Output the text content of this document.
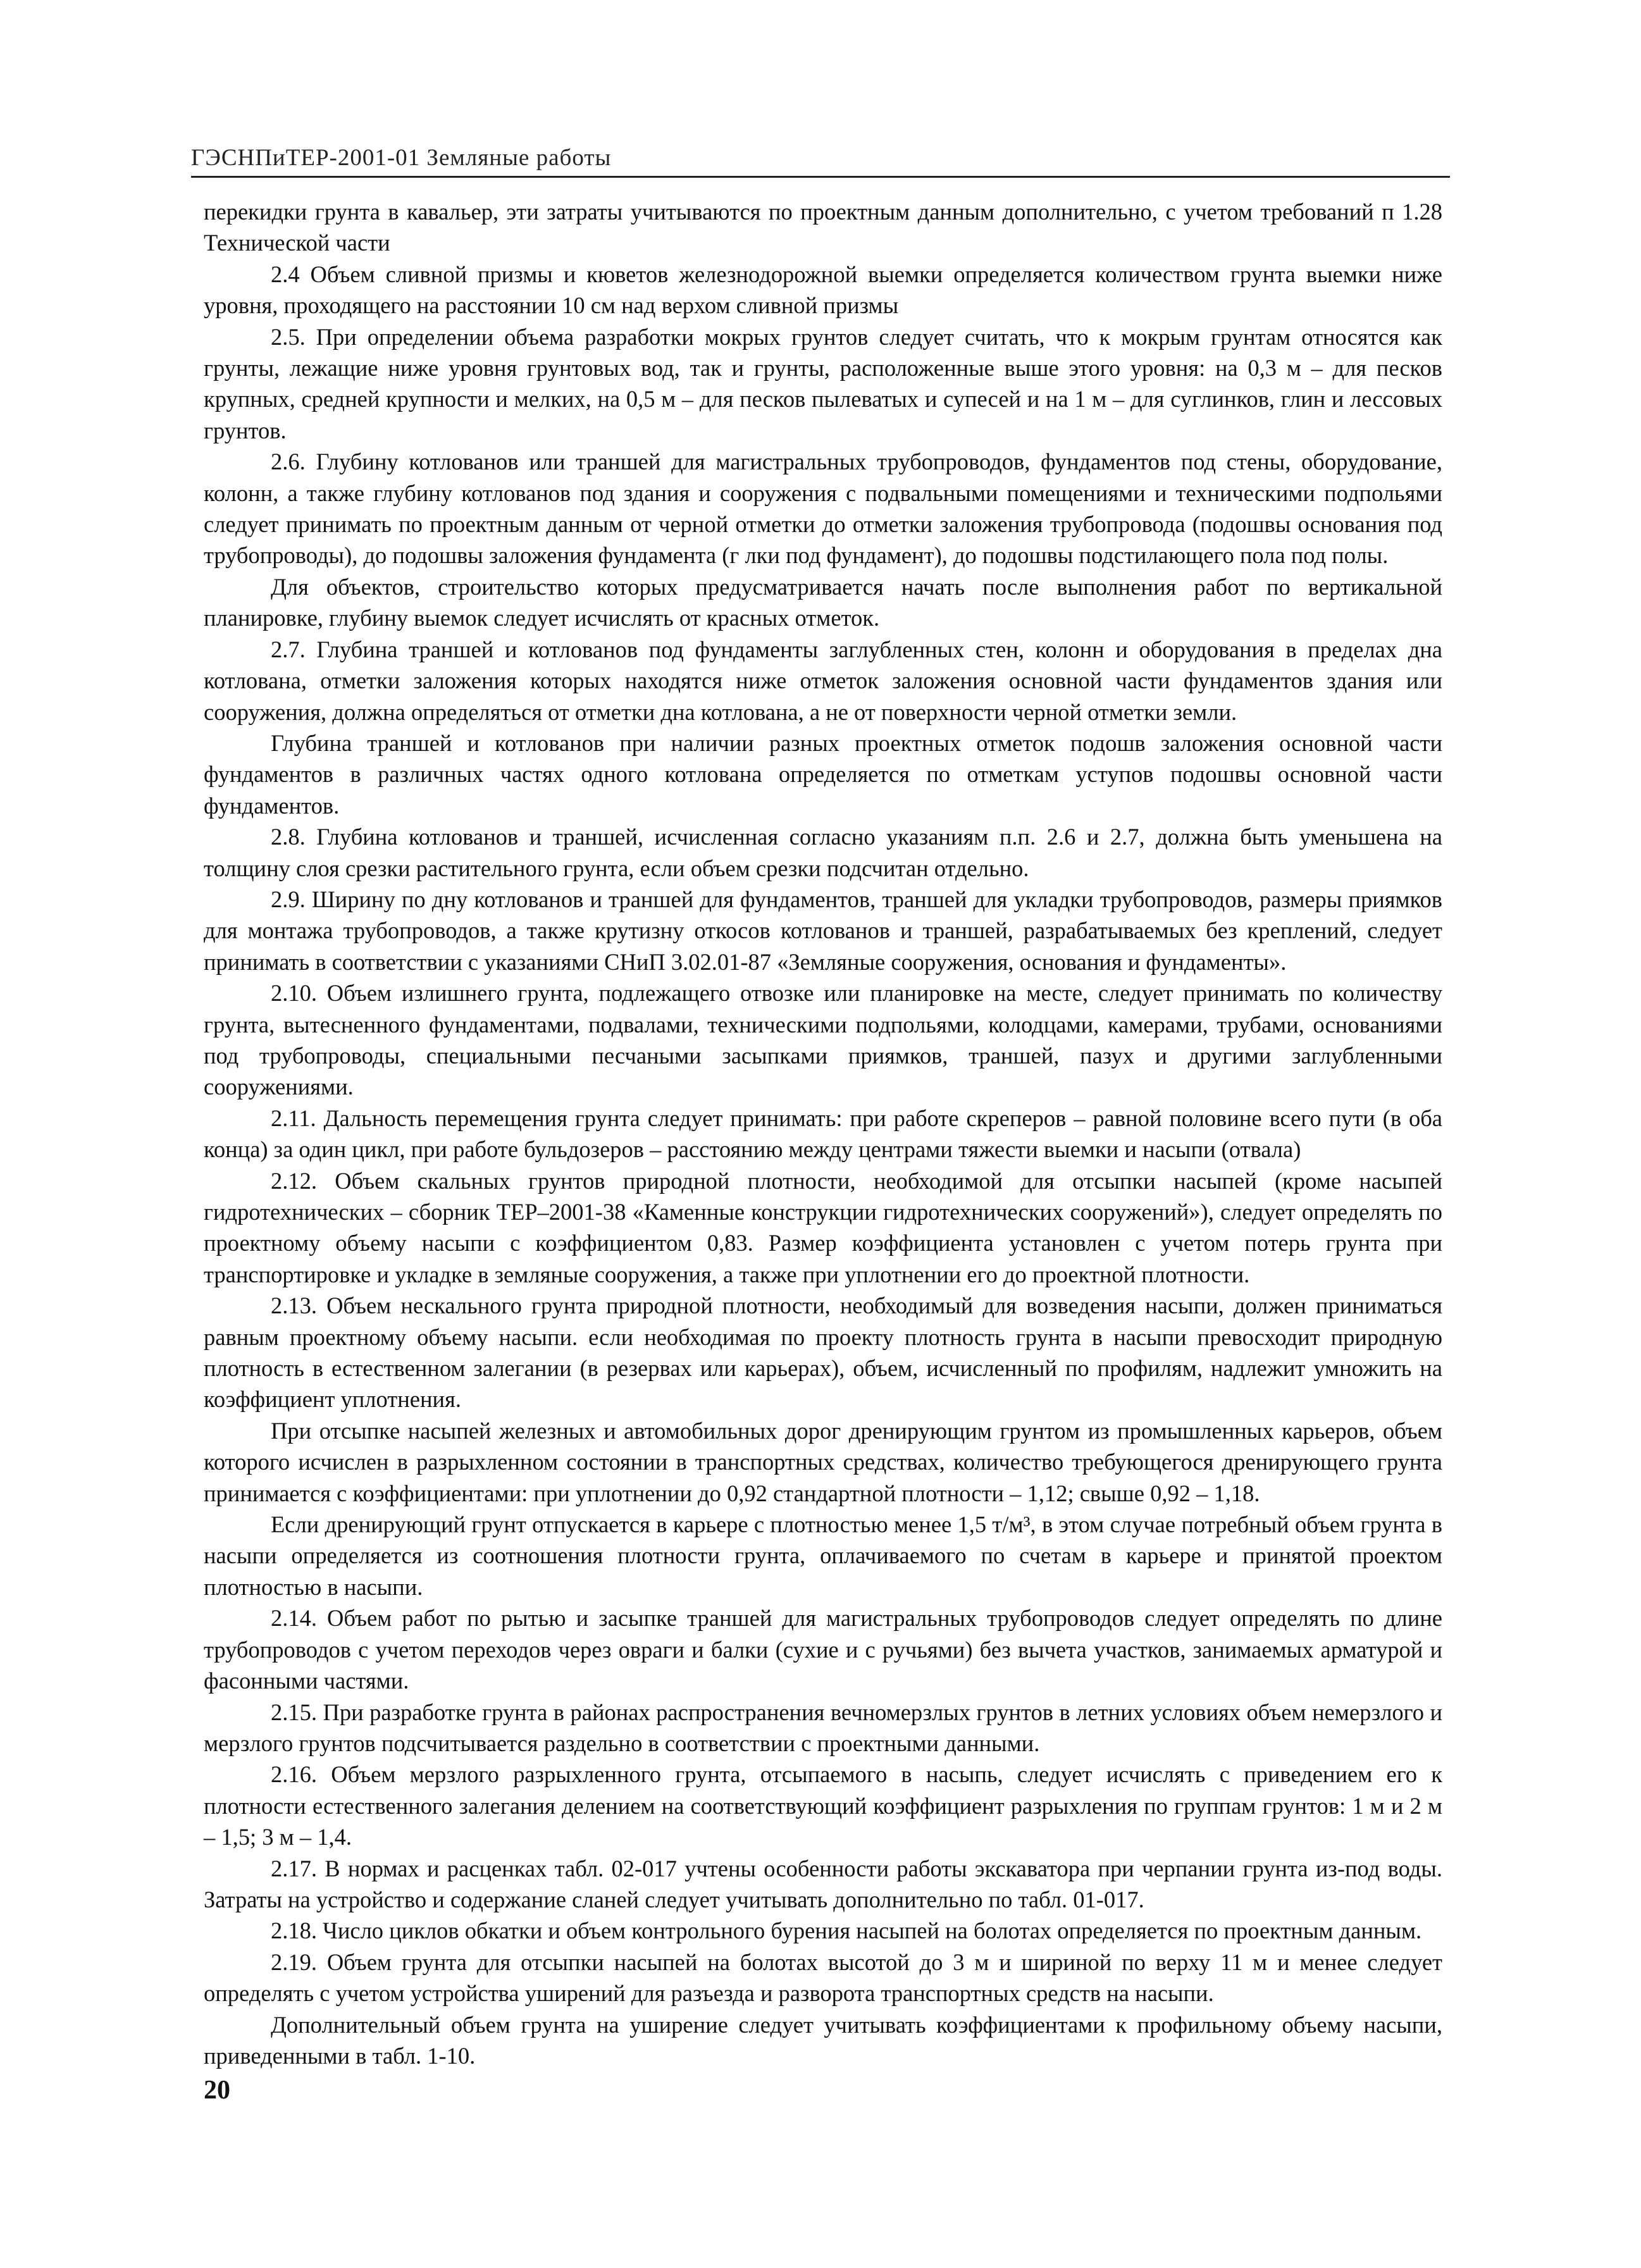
ГЭСНПиТЕР-2001-01 Земляные работы

перекидки грунта в кавальер, эти затраты учитываются по проектным данным дополнительно, с учетом требований п 1.28 Технической части

2.4 Объем сливной призмы и кюветов железнодорожной выемки определяется количеством грунта выемки ниже уровня, проходящего на расстоянии 10 см над верхом сливной призмы

2.5. При определении объема разработки мокрых грунтов следует считать, что к мокрым грунтам относятся как грунты, лежащие ниже уровня грунтовых вод, так и грунты, расположенные выше этого уровня: на 0,3 м – для песков крупных, средней крупности и мелких, на 0,5 м – для песков пылеватых и супесей и на 1 м – для суглинков, глин и лессовых грунтов.

2.6. Глубину котлованов или траншей для магистральных трубопроводов, фундаментов под стены, оборудование, колонн, а также глубину котлованов под здания и сооружения с подвальными помещениями и техническими подпольями следует принимать по проектным данным от черной отметки до отметки заложения трубопровода (подошвы основания под трубопроводы), до подошвы заложения фундамента (г лки под фундамент), до подошвы подстилающего пола под полы.

Для объектов, строительство которых предусматривается начать после выполнения работ по вертикальной планировке, глубину выемок следует исчислять от красных отметок.

2.7. Глубина траншей и котлованов под фундаменты заглубленных стен, колонн и оборудования в пределах дна котлована, отметки заложения которых находятся ниже отметок заложения основной части фундаментов здания или сооружения, должна определяться от отметки дна котлована, а не от поверхности черной отметки земли.

Глубина траншей и котлованов при наличии разных проектных отметок подошв заложения основной части фундаментов в различных частях одного котлована определяется по отметкам уступов подошвы основной части фундаментов.

2.8. Глубина котлованов и траншей, исчисленная согласно указаниям п.п. 2.6 и 2.7, должна быть уменьшена на толщину слоя срезки растительного грунта, если объем срезки подсчитан отдельно.

2.9. Ширину по дну котлованов и траншей для фундаментов, траншей для укладки трубопроводов, размеры приямков для монтажа трубопроводов, а также крутизну откосов котлованов и траншей, разрабатываемых без креплений, следует принимать в соответствии с указаниями СНиП 3.02.01-87 «Земляные сооружения, основания и фундаменты».

2.10. Объем излишнего грунта, подлежащего отвозке или планировке на месте, следует принимать по количеству грунта, вытесненного фундаментами, подвалами, техническими подпольями, колодцами, камерами, трубами, основаниями под трубопроводы, специальными песчаными засыпками приямков, траншей, пазух и другими заглубленными сооружениями.

2.11. Дальность перемещения грунта следует принимать: при работе скреперов – равной половине всего пути (в оба конца) за один цикл, при работе бульдозеров – расстоянию между центрами тяжести выемки и насыпи (отвала)

2.12. Объем скальных грунтов природной плотности, необходимой для отсыпки насыпей (кроме насыпей гидротехнических – сборник ТЕР–2001-38 «Каменные конструкции гидротехнических сооружений»), следует определять по проектному объему насыпи с коэффициентом 0,83. Размер коэффициента установлен с учетом потерь грунта при транспортировке и укладке в земляные сооружения, а также при уплотнении его до проектной плотности.

2.13. Объем нескального грунта природной плотности, необходимый для возведения насыпи, должен приниматься равным проектному объему насыпи. если необходимая по проекту плотность грунта в насыпи превосходит природную плотность в естественном залегании (в резервах или карьерах), объем, исчисленный по профилям, надлежит умножить на коэффициент уплотнения.

При отсыпке насыпей железных и автомобильных дорог дренирующим грунтом из промышленных карьеров, объем которого исчислен в разрыхленном состоянии в транспортных средствах, количество требующегося дренирующего грунта принимается с коэффициентами: при уплотнении до 0,92 стандартной плотности – 1,12; свыше 0,92 – 1,18.

Если дренирующий грунт отпускается в карьере с плотностью менее 1,5 т/м³, в этом случае потребный объем грунта в насыпи определяется из соотношения плотности грунта, оплачиваемого по счетам в карьере и принятой проектом плотностью в насыпи.

2.14. Объем работ по рытью и засыпке траншей для магистральных трубопроводов следует определять по длине трубопроводов с учетом переходов через овраги и балки (сухие и с ручьями) без вычета участков, занимаемых арматурой и фасонными частями.

2.15. При разработке грунта в районах распространения вечномерзлых грунтов в летних условиях объем немерзлого и мерзлого грунтов подсчитывается раздельно в соответствии с проектными данными.

2.16. Объем мерзлого разрыхленного грунта, отсыпаемого в насыпь, следует исчислять с приведением его к плотности естественного залегания делением на соответствующий коэффициент разрыхления по группам грунтов: 1 м и 2 м – 1,5; 3 м – 1,4.

2.17. В нормах и расценках табл. 02-017 учтены особенности работы экскаватора при черпании грунта из-под воды. Затраты на устройство и содержание сланей следует учитывать дополнительно по табл. 01-017.

2.18. Число циклов обкатки и объем контрольного бурения насыпей на болотах определяется по проектным данным.

2.19. Объем грунта для отсыпки насыпей на болотах высотой до 3 м и шириной по верху 11 м и менее следует определять с учетом устройства уширений для разъезда и разворота транспортных средств на насыпи.

Дополнительный объем грунта на уширение следует учитывать коэффициентами к профильному объему насыпи, приведенными в табл. 1-10.

20
